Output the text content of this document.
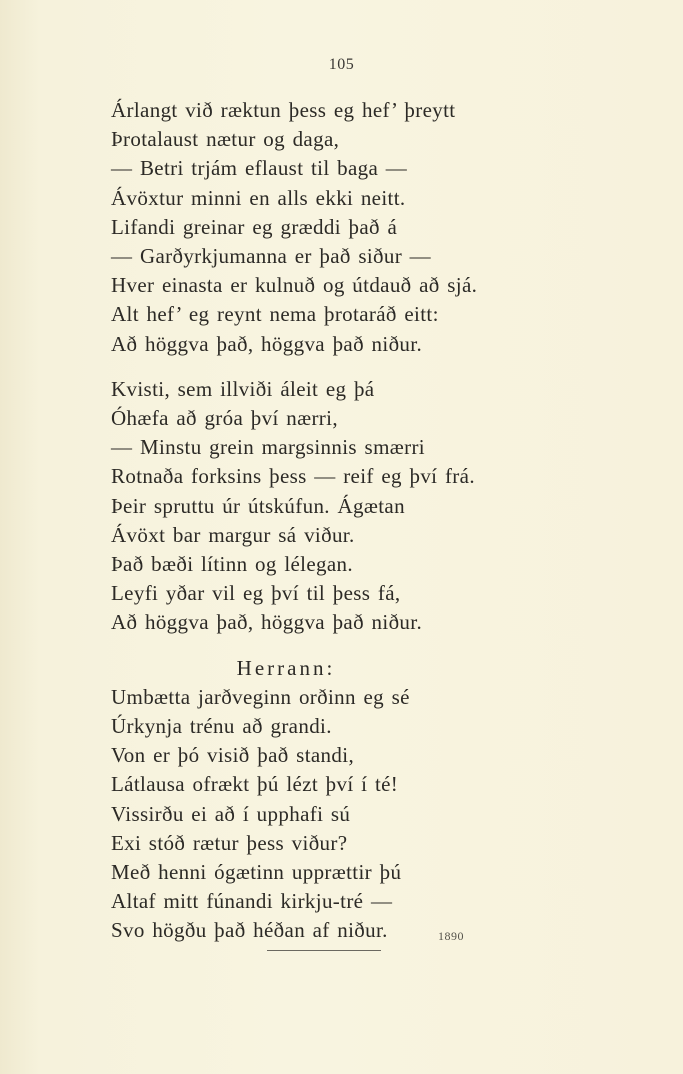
105
Árlangt við ræktun þess eg hef’ þreytt
Þrotalaust nætur og daga,
— Betri trjám eflaust til baga —
Ávöxtur minni en alls ekki neitt.
Lifandi greinar eg græddi það á
— Garðyrkjumanna er það siður —
Hver einasta er kulnuð og útdauð að sjá.
Alt hef’ eg reynt nema þrotaráð eitt:
Að höggva það, höggva það niður.
Kvisti, sem illviði áleit eg þá
Óhæfa að gróa því nærri,
— Minstu grein margsinnis smærri
Rotnaða forksins þess — reif eg því frá.
Þeir spruttu úr útskúfun. Ágætan
Ávöxt bar margur sá viður.
Það bæði lítinn og lélegan.
Leyfi yðar vil eg því til þess fá,
Að höggva það, höggva það niður.
Herrann:
Umbætta jarðveginn orðinn eg sé
Úrkynja trénu að grandi.
Von er þó visið það standi,
Látlausa ofrækt þú lézt því í té!
Vissirðu ei að í upphafi sú
Exi stóð rætur þess viður?
Með henni ógætinn upprættir þú
Altaf mitt fúnandi kirkju-tré —
Svo högðu það héðan af niður.	1890
